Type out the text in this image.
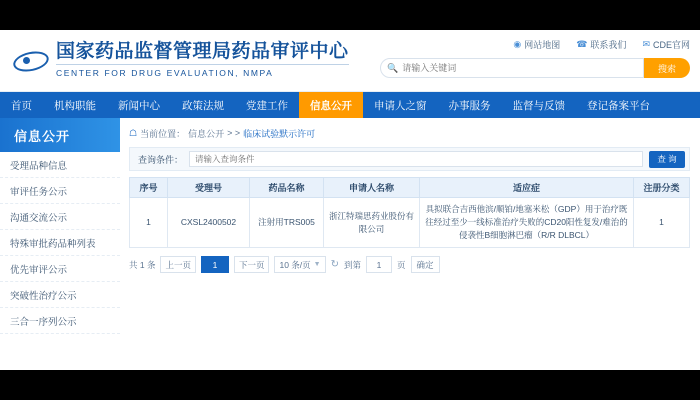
国家药品监督管理局药品审评中心
CENTER FOR DRUG EVALUATION, NMPA
◉ 网站地图 ☎ 联系我们 ✉ CDE官网
🔍
请输入关键词	搜索
首页	机构职能	新闻中心	政策法规	党建工作	信息公开	申请人之窗	办事服务	监督与反馈	登记备案平台
信息公开
受理品种信息
审评任务公示
沟通交流公示
特殊审批药品种列表
优先审评公示
突破性治疗公示
三合一序列公示
☖ 当前位置： 信息公开 > > 临床试验默示许可
查询条件：
请输入查询条件	查 询
序号	受理号	药品名称	申请人名称	适应症	注册分类
1	CXSL2400502	注射用TRS005	浙江特瑞思药业股份有限公司	具拟联合吉西他滨/顺铂/地塞米松（GDP）用于治疗既往经过至少一线标准治疗失败的CD20阳性复发/难治的侵袭性B细胞淋巴瘤（R/R DLBCL）	1
共 1 条	上一页	1	下一页	10 条/页 ▼ ↻ 到第
1	页	确定
